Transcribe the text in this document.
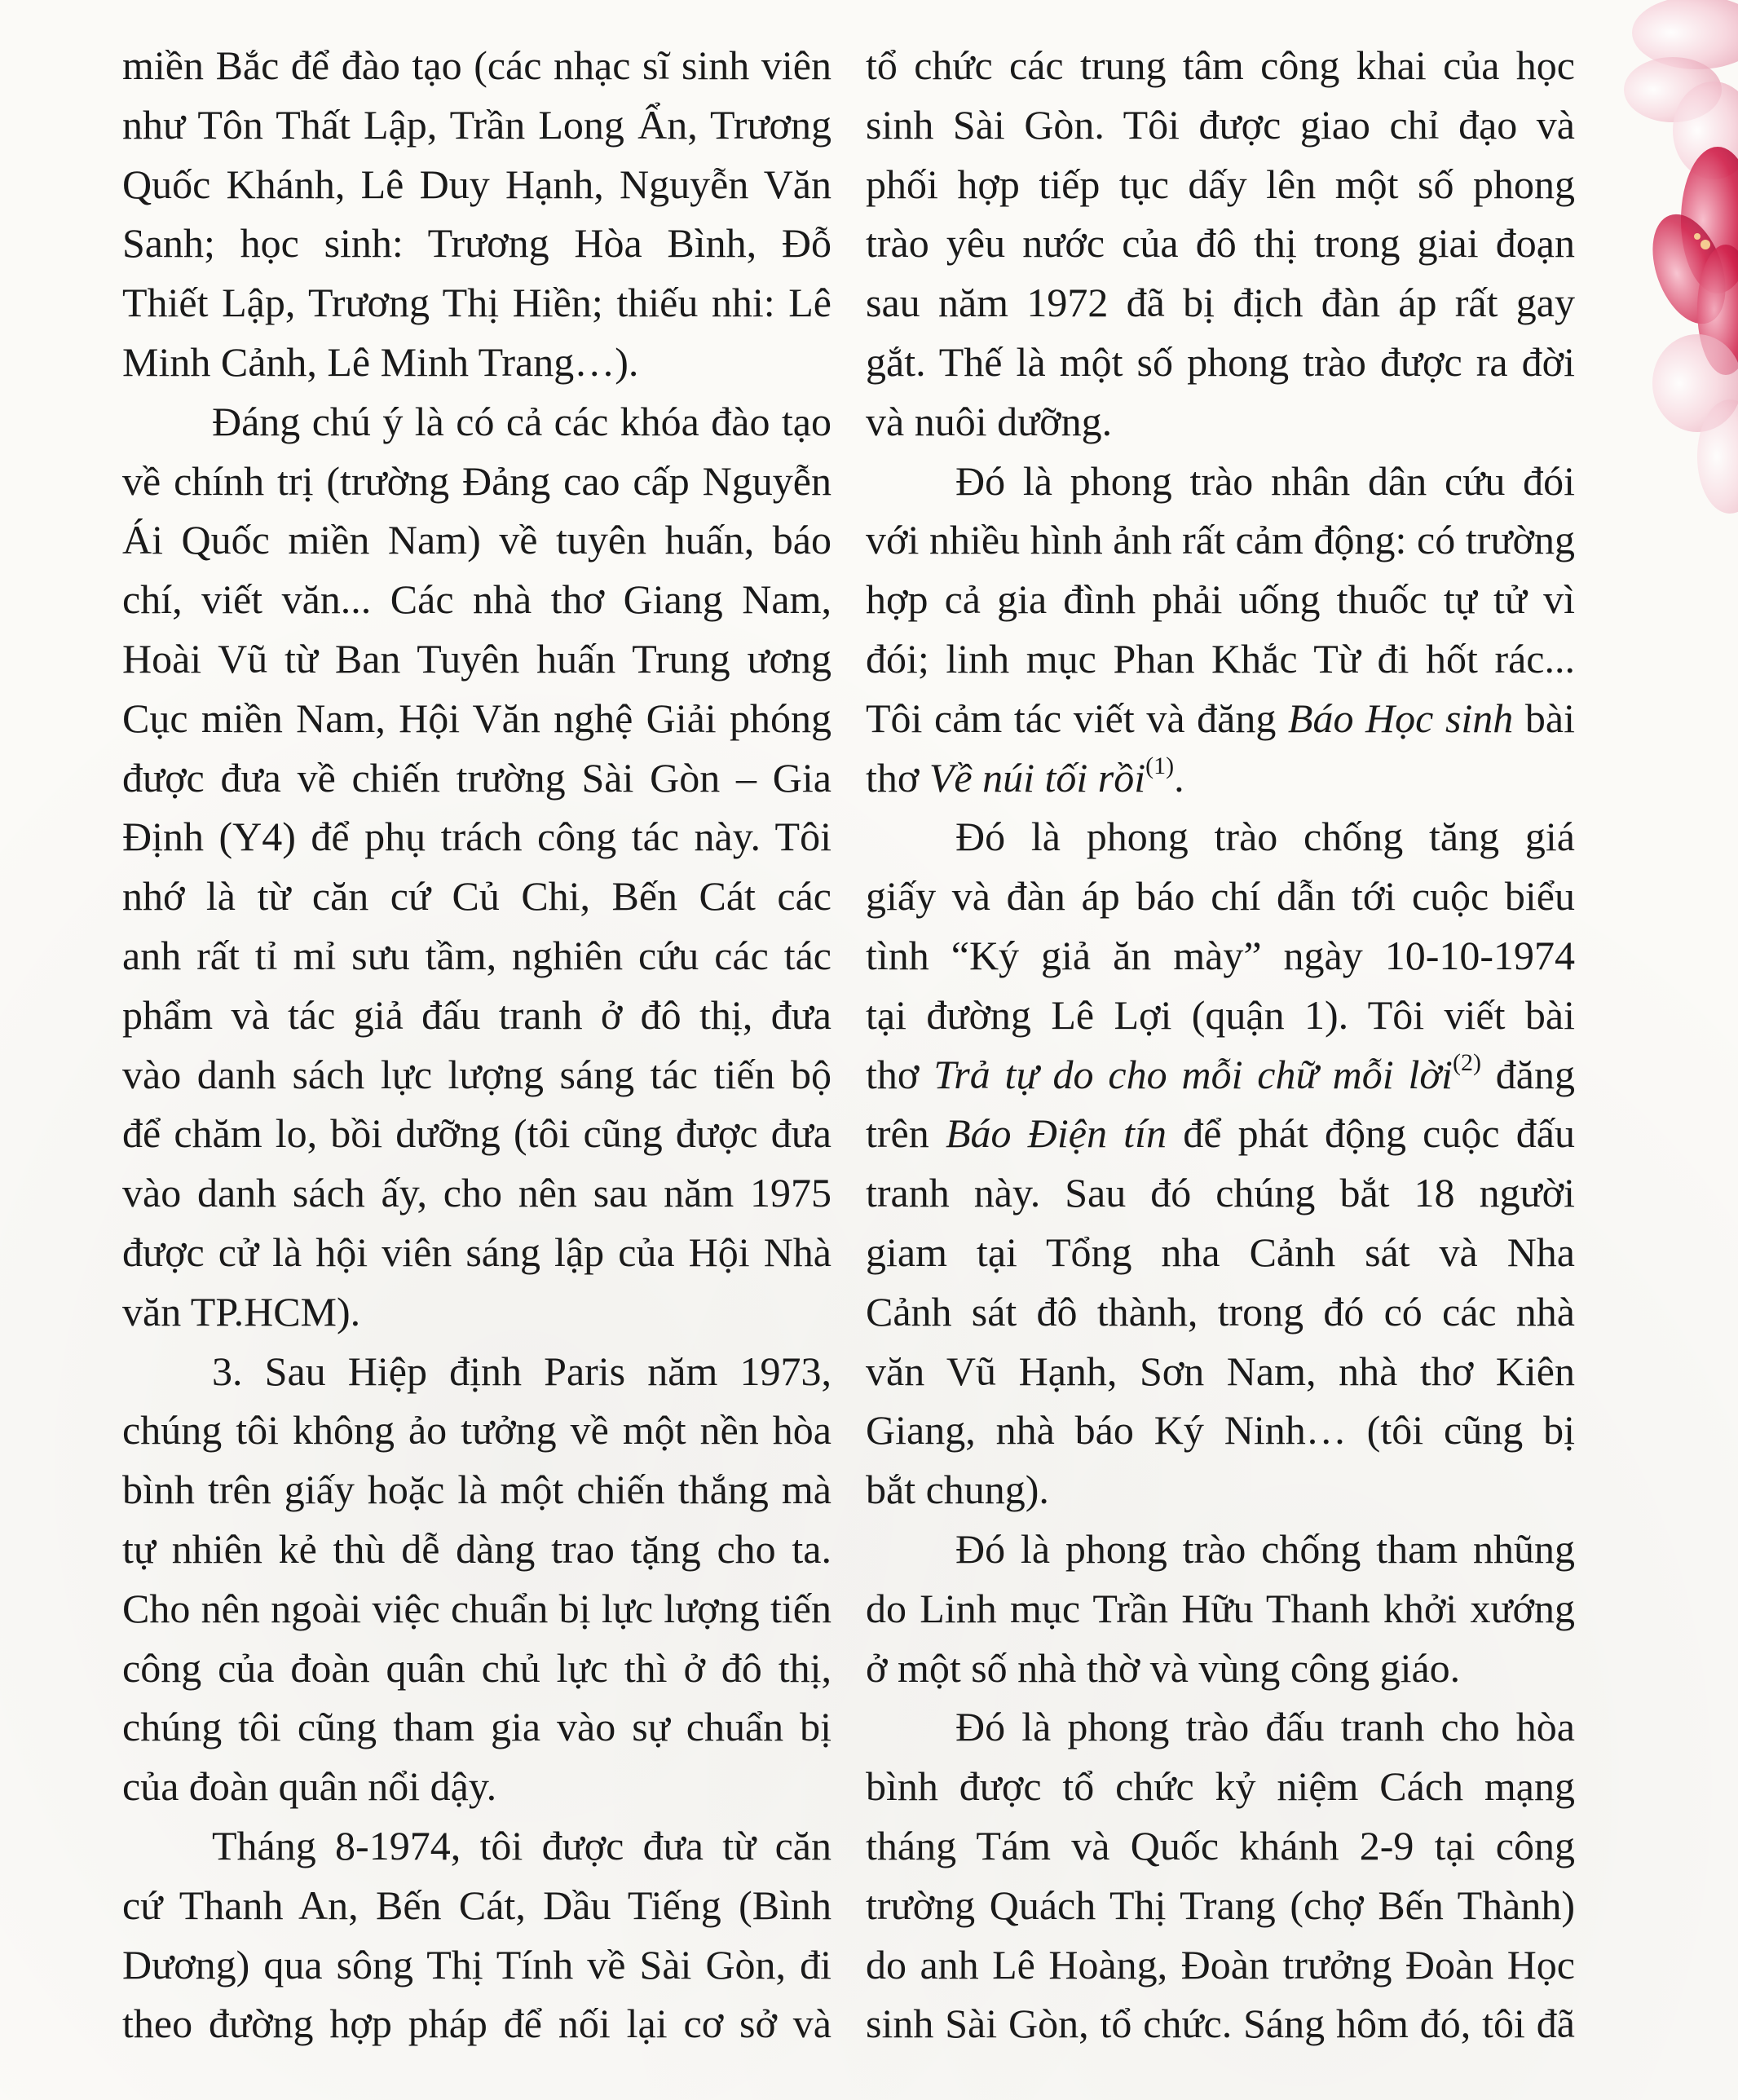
miền Bắc để đào tạo (các nhạc sĩ sinh viên
như Tôn Thất Lập, Trần Long Ẩn, Trương
Quốc Khánh, Lê Duy Hạnh, Nguyễn Văn
Sanh; học sinh: Trương Hòa Bình, Đỗ
Thiết Lập, Trương Thị Hiền; thiếu nhi: Lê
Minh Cảnh, Lê Minh Trang…).
Đáng chú ý là có cả các khóa đào tạo
về chính trị (trường Đảng cao cấp Nguyễn
Ái Quốc miền Nam) về tuyên huấn, báo
chí, viết văn... Các nhà thơ Giang Nam,
Hoài Vũ từ Ban Tuyên huấn Trung ương
Cục miền Nam, Hội Văn nghệ Giải phóng
được đưa về chiến trường Sài Gòn – Gia
Định (Y4) để phụ trách công tác này. Tôi
nhớ là từ căn cứ Củ Chi, Bến Cát các
anh rất tỉ mỉ sưu tầm, nghiên cứu các tác
phẩm và tác giả đấu tranh ở đô thị, đưa
vào danh sách lực lượng sáng tác tiến bộ
để chăm lo, bồi dưỡng (tôi cũng được đưa
vào danh sách ấy, cho nên sau năm 1975
được cử là hội viên sáng lập của Hội Nhà
văn TP.HCM).
3. Sau Hiệp định Paris năm 1973,
chúng tôi không ảo tưởng về một nền hòa
bình trên giấy hoặc là một chiến thắng mà
tự nhiên kẻ thù dễ dàng trao tặng cho ta.
Cho nên ngoài việc chuẩn bị lực lượng tiến
công của đoàn quân chủ lực thì ở đô thị,
chúng tôi cũng tham gia vào sự chuẩn bị
của đoàn quân nổi dậy.
Tháng 8-1974, tôi được đưa từ căn
cứ Thanh An, Bến Cát, Dầu Tiếng (Bình
Dương) qua sông Thị Tính về Sài Gòn, đi
theo đường hợp pháp để nối lại cơ sở và
tổ chức các trung tâm công khai của học
sinh Sài Gòn. Tôi được giao chỉ đạo và
phối hợp tiếp tục dấy lên một số phong
trào yêu nước của đô thị trong giai đoạn
sau năm 1972 đã bị địch đàn áp rất gay
gắt. Thế là một số phong trào được ra đời
và nuôi dưỡng.
Đó là phong trào nhân dân cứu đói
với nhiều hình ảnh rất cảm động: có trường
hợp cả gia đình phải uống thuốc tự tử vì
đói; linh mục Phan Khắc Từ đi hốt rác...
Tôi cảm tác viết và đăng Báo Học sinh bài
thơ Về núi tối rồi$^{(1)}$.
Đó là phong trào chống tăng giá
giấy và đàn áp báo chí dẫn tới cuộc biểu
tình “Ký giả ăn mày” ngày 10-10-1974
tại đường Lê Lợi (quận 1). Tôi viết bài
thơ Trả tự do cho mỗi chữ mỗi lời$^{(2)}$ đăng
trên Báo Điện tín để phát động cuộc đấu
tranh này. Sau đó chúng bắt 18 người
giam tại Tổng nha Cảnh sát và Nha
Cảnh sát đô thành, trong đó có các nhà
văn Vũ Hạnh, Sơn Nam, nhà thơ Kiên
Giang, nhà báo Ký Ninh… (tôi cũng bị
bắt chung).
Đó là phong trào chống tham nhũng
do Linh mục Trần Hữu Thanh khởi xướng
ở một số nhà thờ và vùng công giáo.
Đó là phong trào đấu tranh cho hòa
bình được tổ chức kỷ niệm Cách mạng
tháng Tám và Quốc khánh 2-9 tại công
trường Quách Thị Trang (chợ Bến Thành)
do anh Lê Hoàng, Đoàn trưởng Đoàn Học
sinh Sài Gòn, tổ chức. Sáng hôm đó, tôi đã
